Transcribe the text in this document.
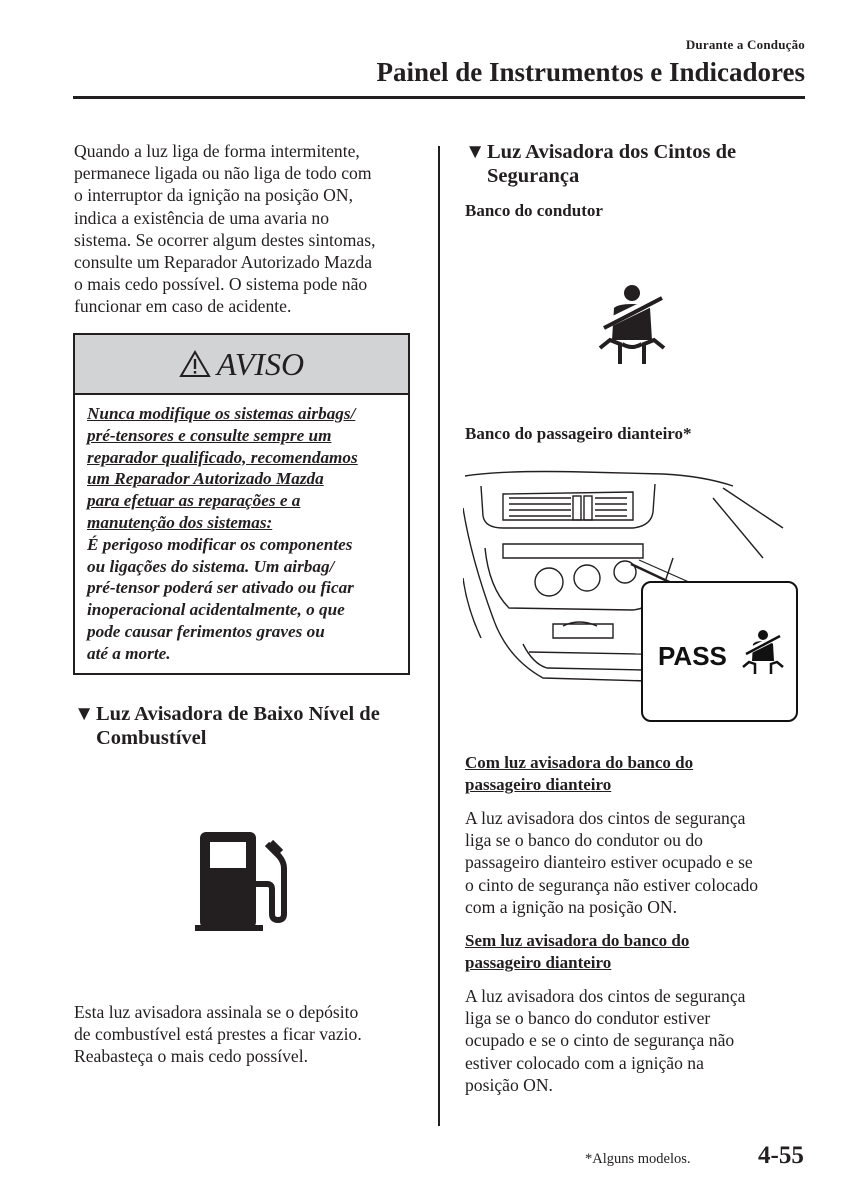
Durante a Condução
Painel de Instrumentos e Indicadores
Quando a luz liga de forma intermitente,
permanece ligada ou não liga de todo com
o interruptor da ignição na posição ON,
indica a existência de uma avaria no
sistema. Se ocorrer algum destes sintomas,
consulte um Reparador Autorizado Mazda
o mais cedo possível. O sistema pode não
funcionar em caso de acidente.
AVISO
Nunca modifique os sistemas airbags/
pré-tensores e consulte sempre um
reparador qualificado, recomendamos
um Reparador Autorizado Mazda
para efetuar as reparações e a
manutenção dos sistemas:
É perigoso modificar os componentes
ou ligações do sistema. Um airbag/
pré-tensor poderá ser ativado ou ficar
inoperacional acidentalmente, o que
pode causar ferimentos graves ou
até a morte.
▼Luz Avisadora de Baixo Nível de
Combustível
Esta luz avisadora assinala se o depósito
de combustível está prestes a ficar vazio.
Reabasteça o mais cedo possível.
▼Luz Avisadora dos Cintos de
Segurança
Banco do condutor
Banco do passageiro dianteiro*
PASS
Com luz avisadora do banco do
passageiro dianteiro
A luz avisadora dos cintos de segurança
liga se o banco do condutor ou do
passageiro dianteiro estiver ocupado e se
o cinto de segurança não estiver colocado
com a ignição na posição ON.
Sem luz avisadora do banco do
passageiro dianteiro
A luz avisadora dos cintos de segurança
liga se o banco do condutor estiver
ocupado e se o cinto de segurança não
estiver colocado com a ignição na
posição ON.
*Alguns modelos.	4-55
